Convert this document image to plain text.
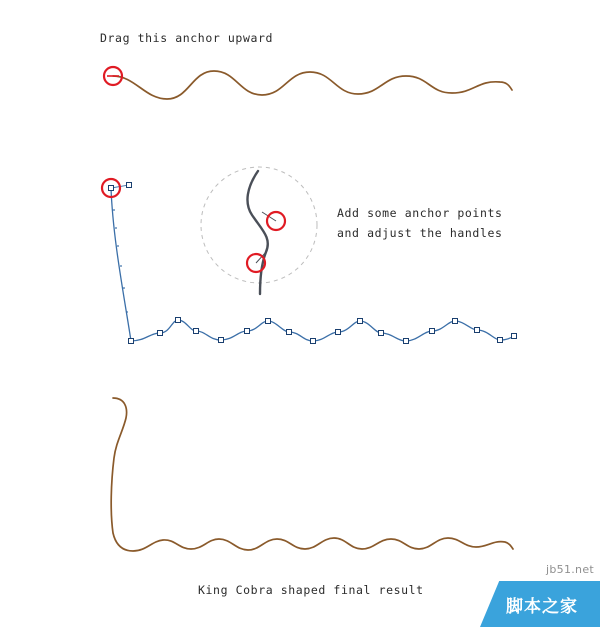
Drag this anchor upward
Add some anchor points
and adjust the handles
King Cobra shaped final result
jb51.net
脚本之家
